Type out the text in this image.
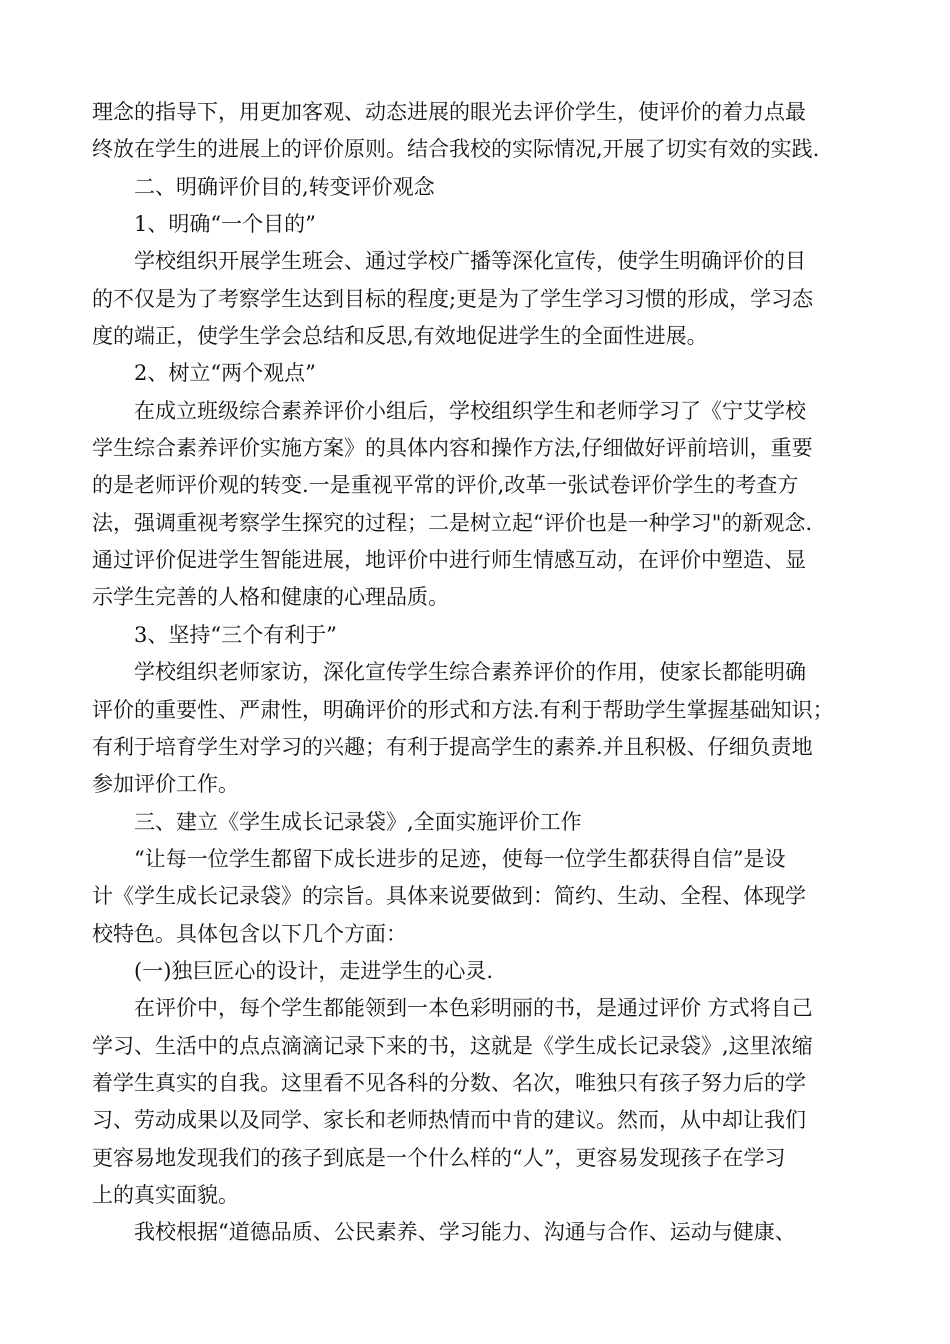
理念的指导下，用更加客观、动态进展的眼光去评价学生，使评价的着力点最
终放在学生的进展上的评价原则。结合我校的实际情况,开展了切实有效的实践.
二、明确评价目的,转变评价观念
1、明确“一个目的”
学校组织开展学生班会、通过学校广播等深化宣传，使学生明确评价的目
的不仅是为了考察学生达到目标的程度;更是为了学生学习习惯的形成，学习态
度的端正，使学生学会总结和反思,有效地促进学生的全面性进展。
2、树立“两个观点”
在成立班级综合素养评价小组后，学校组织学生和老师学习了《宁艾学校
学生综合素养评价实施方案》的具体内容和操作方法,仔细做好评前培训，重要
的是老师评价观的转变.一是重视平常的评价,改革一张试卷评价学生的考查方
法，强调重视考察学生探究的过程；二是树立起“评价也是一种学习"的新观念.
通过评价促进学生智能进展，地评价中进行师生情感互动，在评价中塑造、显
示学生完善的人格和健康的心理品质。
3、坚持“三个有利于”
学校组织老师家访，深化宣传学生综合素养评价的作用，使家长都能明确
评价的重要性、严肃性，明确评价的形式和方法.有利于帮助学生掌握基础知识；
有利于培育学生对学习的兴趣；有利于提高学生的素养.并且积极、仔细负责地
参加评价工作。
三、建立《学生成长记录袋》,全面实施评价工作
“让每一位学生都留下成长进步的足迹，使每一位学生都获得自信”是设
计《学生成长记录袋》的宗旨。具体来说要做到：简约、生动、全程、体现学
校特色。具体包含以下几个方面：
(一)独巨匠心的设计，走进学生的心灵.
在评价中，每个学生都能领到一本色彩明丽的书，是通过评价 方式将自己
学习、生活中的点点滴滴记录下来的书，这就是《学生成长记录袋》,这里浓缩
着学生真实的自我。这里看不见各科的分数、名次，唯独只有孩子努力后的学
习、劳动成果以及同学、家长和老师热情而中肯的建议。然而，从中却让我们
更容易地发现我们的孩子到底是一个什么样的“人”，更容易发现孩子在学习
上的真实面貌。
我校根据“道德品质、公民素养、学习能力、沟通与合作、运动与健康、
